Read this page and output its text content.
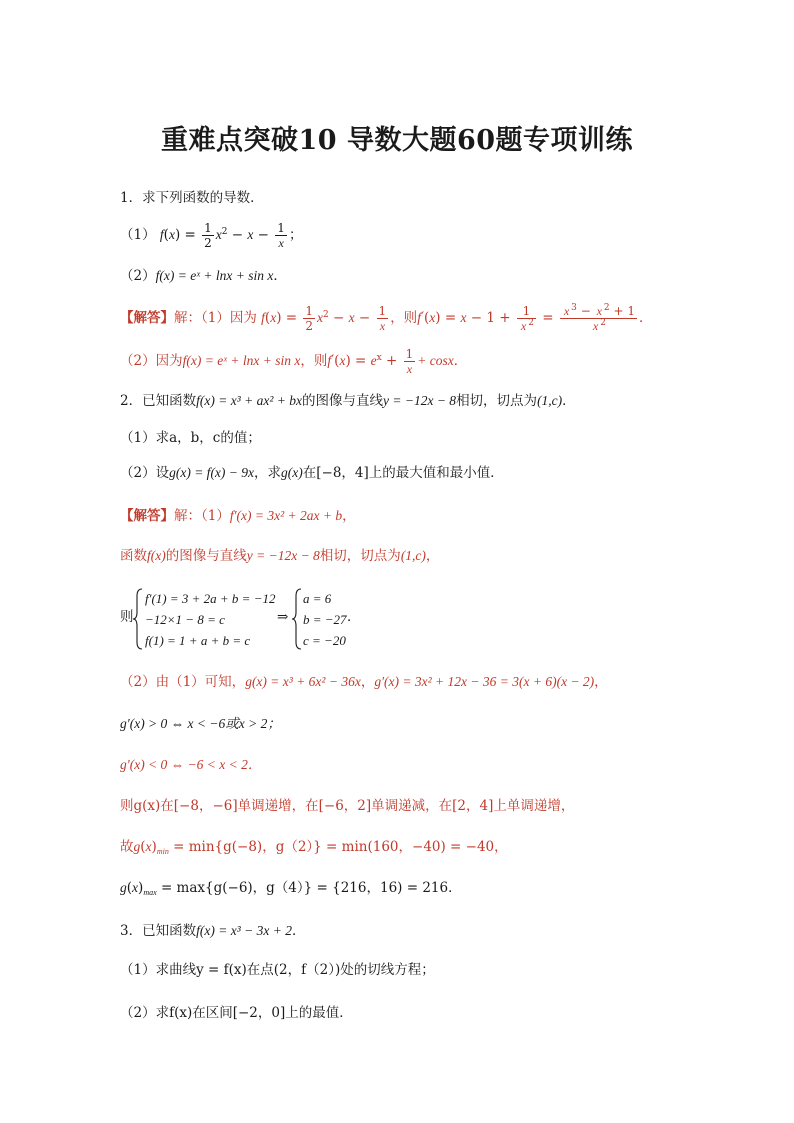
重难点突破10 导数大题60题专项训练
1．求下列函数的导数．
（1） $f(x) = \frac{1}{2} x^2 - x - \frac{1}{x}$ ；
（2）f(x) = eˣ + lnx + sin x．
【解答】解：（1）因为 $f(x) = \frac{1}{2} x^2 - x - \frac{1}{x}$ ，则$f'(x) = x - 1 + \frac{1}{x ^2} = \frac{x ^3 - x ^2 + 1}{x ^2}$ ．
（2）因为f(x) = eˣ + lnx + sin x，则$f'(x) = e^x + \frac{1}{x} + \cos x$．
2．已知函数f(x) = x³ + ax² + bx的图像与直线y = −12x − 8相切，切点为(1,c)．
（1）求a，b，c的值；
（2）设g(x) = f(x) − 9x，求g(x)在[−8，4]上的最大值和最小值．
【解答】解：（1）f′(x) = 3x² + 2ax + b，
函数f(x)的图像与直线y = −12x − 8相切，切点为(1,c)，
则
f′(1) = 3 + 2a + b = −12
−12×1 − 8 = c
f(1) = 1 + a + b = c
⇒
a = 6
b = −27
c = −20
．
（2）由（1）可知，g(x) = x³ + 6x² − 36x，g′(x) = 3x² + 12x − 36 = 3(x + 6)(x − 2)，
g′(x) > 0 ⇔ x < −6或x > 2；
g′(x) < 0 ⇔ −6 < x < 2．
则g(x)在[−8，−6]单调递增，在[−6，2]单调递减，在[2，4]上单调递增，
故$g(x)_{min} = \min\{g(-8)$，g（2）} = min(160，−40) = −40，
$g(x)_{max} = \max\{g(-6)$，g（4）} = {216，16) = 216．
3．已知函数f(x) = x³ − 3x + 2．
（1）求曲线y = f(x)在点(2，f（2）)处的切线方程；
（2）求f(x)在区间[−2，0]上的最值．
